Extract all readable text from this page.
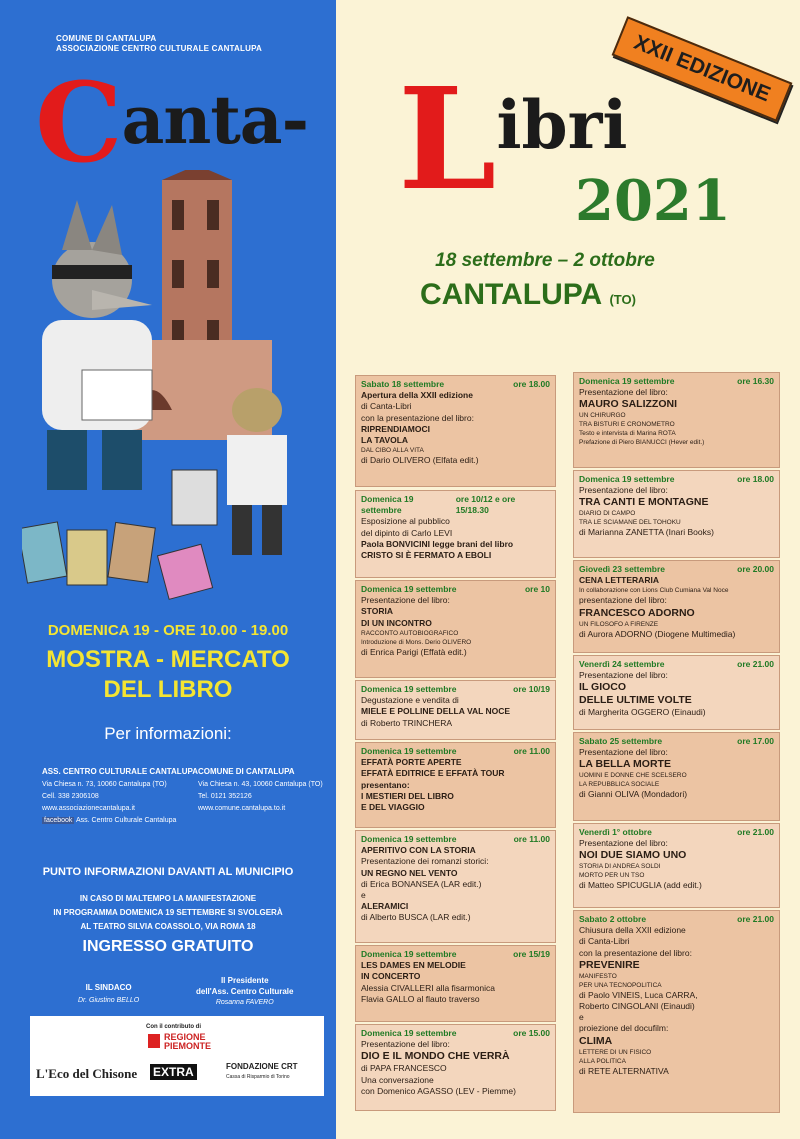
COMUNE DI CANTALUPA
ASSOCIAZIONE CENTRO CULTURALE CANTALUPA
Canta- Libri
2021
XXII EDIZIONE
18 settembre – 2 ottobre
CANTALUPA (TO)
DOMENICA 19 - ORE 10.00 - 19.00
MOSTRA - MERCATO
DEL LIBRO
Per informazioni:
ASS. CENTRO CULTURALE CANTALUPA
Via Chiesa n. 73, 10060 Cantalupa (TO)
Cell. 338 2306108
www.associazionecantalupa.it
facebook Ass. Centro Culturale Cantalupa
COMUNE DI CANTALUPA
Via Chiesa n. 43, 10060 Cantalupa (TO)
Tel. 0121 352126
www.comune.cantalupa.to.it
PUNTO INFORMAZIONI DAVANTI AL MUNICIPIO
IN CASO DI MALTEMPO LA MANIFESTAZIONE
IN PROGRAMMA DOMENICA 19 SETTEMBRE SI SVOLGERÀ
AL TEATRO SILVIA COASSOLO, VIA ROMA 18
INGRESSO GRATUITO
IL SINDACO
Dr. Giustino BELLO
Il Presidente
dell'Ass. Centro Culturale
Rosanna FAVERO
Con il contributo di
REGIONE
PIEMONTE
L'Eco del Chisone EXTRA	FONDAZIONE CRT
Cassa di Risparmio di Torino
Sabato 18 settembre	ore 18.00
Apertura della XXII edizione
di Canta-Libri
con la presentazione del libro:
RIPRENDIAMOCI
LA TAVOLA
DAL CIBO ALLA VITA
di Dario OLIVERO (Elfata edit.)
Domenica 19 settembre
ore 10/12 e ore 15/18.30
Esposizione al pubblico
del dipinto di Carlo LEVI
Paola BONVICINI legge brani del libro
CRISTO SI È FERMATO A EBOLI
Domenica 19 settembre	ore 10
Presentazione del libro:
STORIA
DI UN INCONTRO
RACCONTO AUTOBIOGRAFICO
Introduzione di Mons. Derio OLIVERO
di Enrica Parigi (Effatà edit.)
Domenica 19 settembre	ore 10/19
Degustazione e vendita di
MIELE E POLLINE DELLA VAL NOCE
di Roberto TRINCHERA
Domenica 19 settembre	ore 11.00
EFFATÀ PORTE APERTE
EFFATÀ EDITRICE E EFFATÀ TOUR
presentano:
I MESTIERI DEL LIBRO
E DEL VIAGGIO
Domenica 19 settembre	ore 11.00
APERITIVO CON LA STORIA
Presentazione dei romanzi storici:
UN REGNO NEL VENTO
di Erica BONANSEA (LAR edit.)
e
ALERAMICI
di Alberto BUSCA (LAR edit.)
Domenica 19 settembre	ore 15/19
LES DAMES EN MELODIE
IN CONCERTO
Alessia CIVALLERI alla fisarmonica
Flavia GALLO al flauto traverso
Domenica 19 settembre	ore 15.00
Presentazione del libro:
DIO E IL MONDO CHE VERRÀ
di PAPA FRANCESCO
Una conversazione
con Domenico AGASSO (LEV - Piemme)
Domenica 19 settembre	ore 16.30
Presentazione del libro:
MAURO SALIZZONI
UN CHIRURGO
TRA BISTURI E CRONOMETRO
Testo e intervista di Marina ROTA
Prefazione di Piero BIANUCCI (Hever edit.)
Domenica 19 settembre	ore 18.00
Presentazione del libro:
TRA CANTI E MONTAGNE
DIARIO DI CAMPO
TRA LE SCIAMANE DEL TOHOKU
di Marianna ZANETTA (Inari Books)
Giovedì 23 settembre	ore 20.00
CENA LETTERARIA
In collaborazione con Lions Club Cumiana Val Noce
presentazione del libro:
FRANCESCO ADORNO
UN FILOSOFO A FIRENZE
di Aurora ADORNO (Diogene Multimedia)
Venerdì 24 settembre	ore 21.00
Presentazione del libro:
IL GIOCO
DELLE ULTIME VOLTE
di Margherita OGGERO (Einaudi)
Sabato 25 settembre	ore 17.00
Presentazione del libro:
LA BELLA MORTE
UOMINI E DONNE CHE SCELSERO
LA REPUBBLICA SOCIALE
di Gianni OLIVA (Mondadori)
Venerdì 1° ottobre	ore 21.00
Presentazione del libro:
NOI DUE SIAMO UNO
STORIA DI ANDREA SOLDI
MORTO PER UN TSO
di Matteo SPICUGLIA (add edit.)
Sabato 2 ottobre	ore 21.00
Chiusura della XXII edizione
di Canta-Libri
con la presentazione del libro:
PREVENIRE
MANIFESTO
PER UNA TECNOPOLITICA
di Paolo VINEIS, Luca CARRA,
Roberto CINGOLANI (Einaudi)
e
proiezione del docufilm:
CLIMA
LETTERE DI UN FISICO
ALLA POLITICA
di RETE ALTERNATIVA
